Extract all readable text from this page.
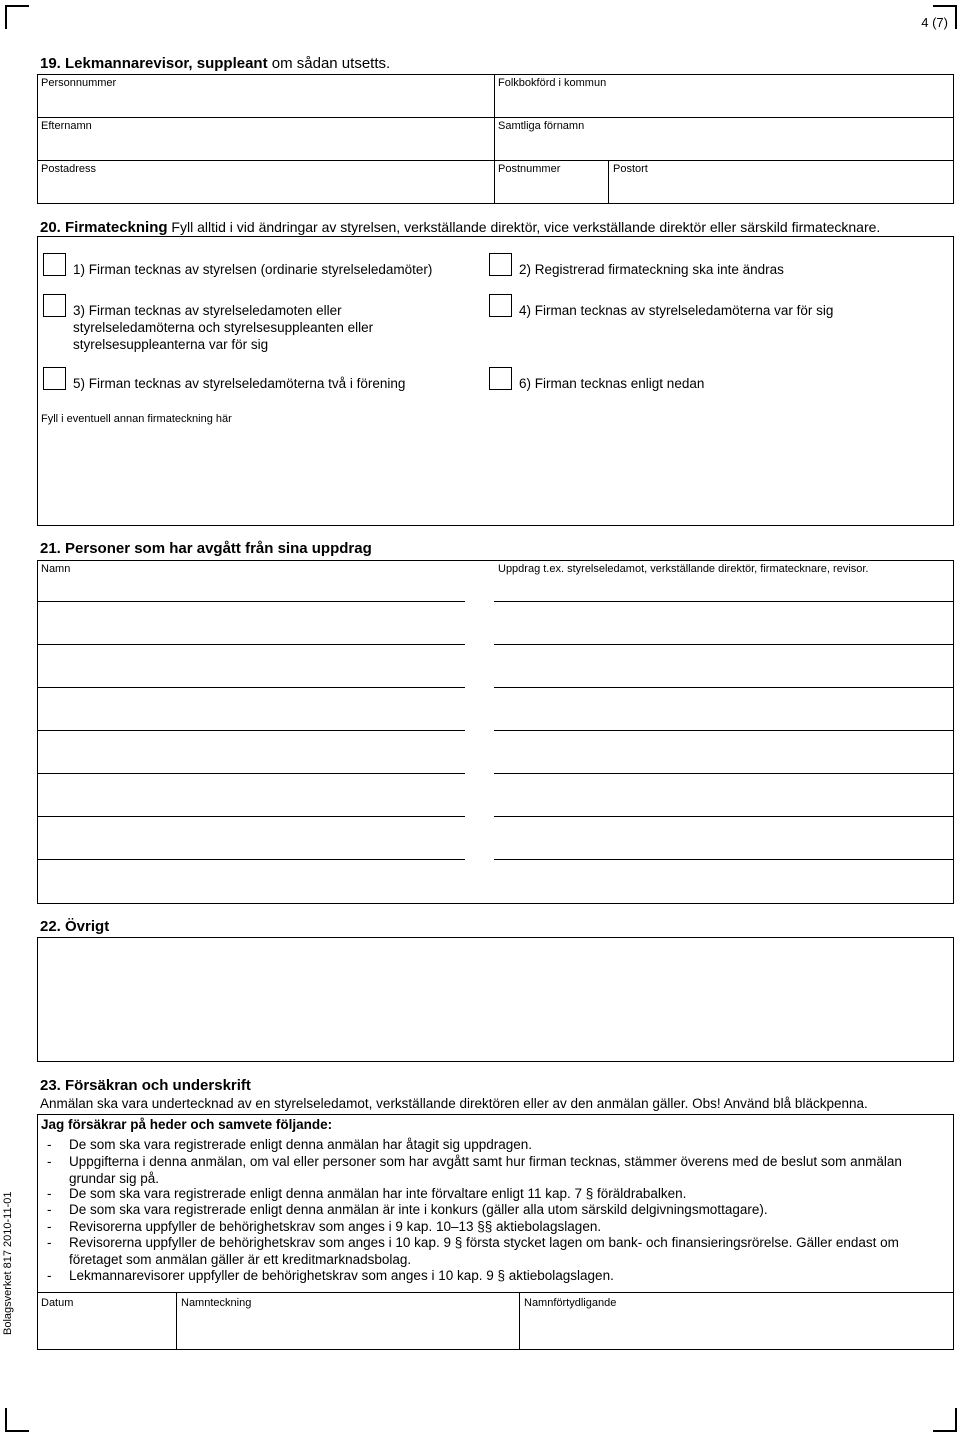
4 (7)
Bolagsverket 817 2010-11-01
19. Lekmannarevisor, suppleant om sådan utsetts.
Personnummer	Folkbokförd i kommun
Efternamn	Samtliga förnamn
Postadress	Postnummer	Postort
20. Firmateckning Fyll alltid i vid ändringar av styrelsen, verkställande direktör, vice verkställande direktör eller särskild firmatecknare.
1) Firman tecknas av styrelsen (ordinarie styrelseledamöter)	2) Registrerad firmateckning ska inte ändras
3) Firman tecknas av styrelseledamoten eller styrelseledamöterna och styrelsesuppleanten eller styrelsesuppleanterna var för sig
4) Firman tecknas av styrelseledamöterna var för sig
5) Firman tecknas av styrelseledamöterna två i förening	6) Firman tecknas enligt nedan
Fyll i eventuell annan firmateckning här
21. Personer som har avgått från sina uppdrag
Namn	Uppdrag t.ex. styrelseledamot, verkställande direktör, firmatecknare, revisor.
22. Övrigt
23. Försäkran och underskrift
Anmälan ska vara undertecknad av en styrelseledamot, verkställande direktören eller av den anmälan gäller. Obs! Använd blå bläckpenna.
Jag försäkrar på heder och samvete följande:
- De som ska vara registrerade enligt denna anmälan har åtagit sig uppdragen.
- Uppgifterna i denna anmälan, om val eller personer som har avgått samt hur firman tecknas, stämmer överens med de beslut som anmälan grundar sig på.
- De som ska vara registrerade enligt denna anmälan har inte förvaltare enligt 11 kap. 7 § föräldrabalken.
- De som ska vara registrerade enligt denna anmälan är inte i konkurs (gäller alla utom särskild delgivningsmottagare).
- Revisorerna uppfyller de behörighetskrav som anges i 9 kap. 10–13 §§ aktiebolagslagen.
- Revisorerna uppfyller de behörighetskrav som anges i 10 kap. 9 § första stycket lagen om bank- och finansieringsrörelse. Gäller endast om företaget som anmälan gäller är ett kreditmarknadsbolag.
- Lekmannarevisorer uppfyller de behörighetskrav som anges i 10 kap. 9 § aktiebolagslagen.
Datum	Namnteckning	Namnförtydligande
